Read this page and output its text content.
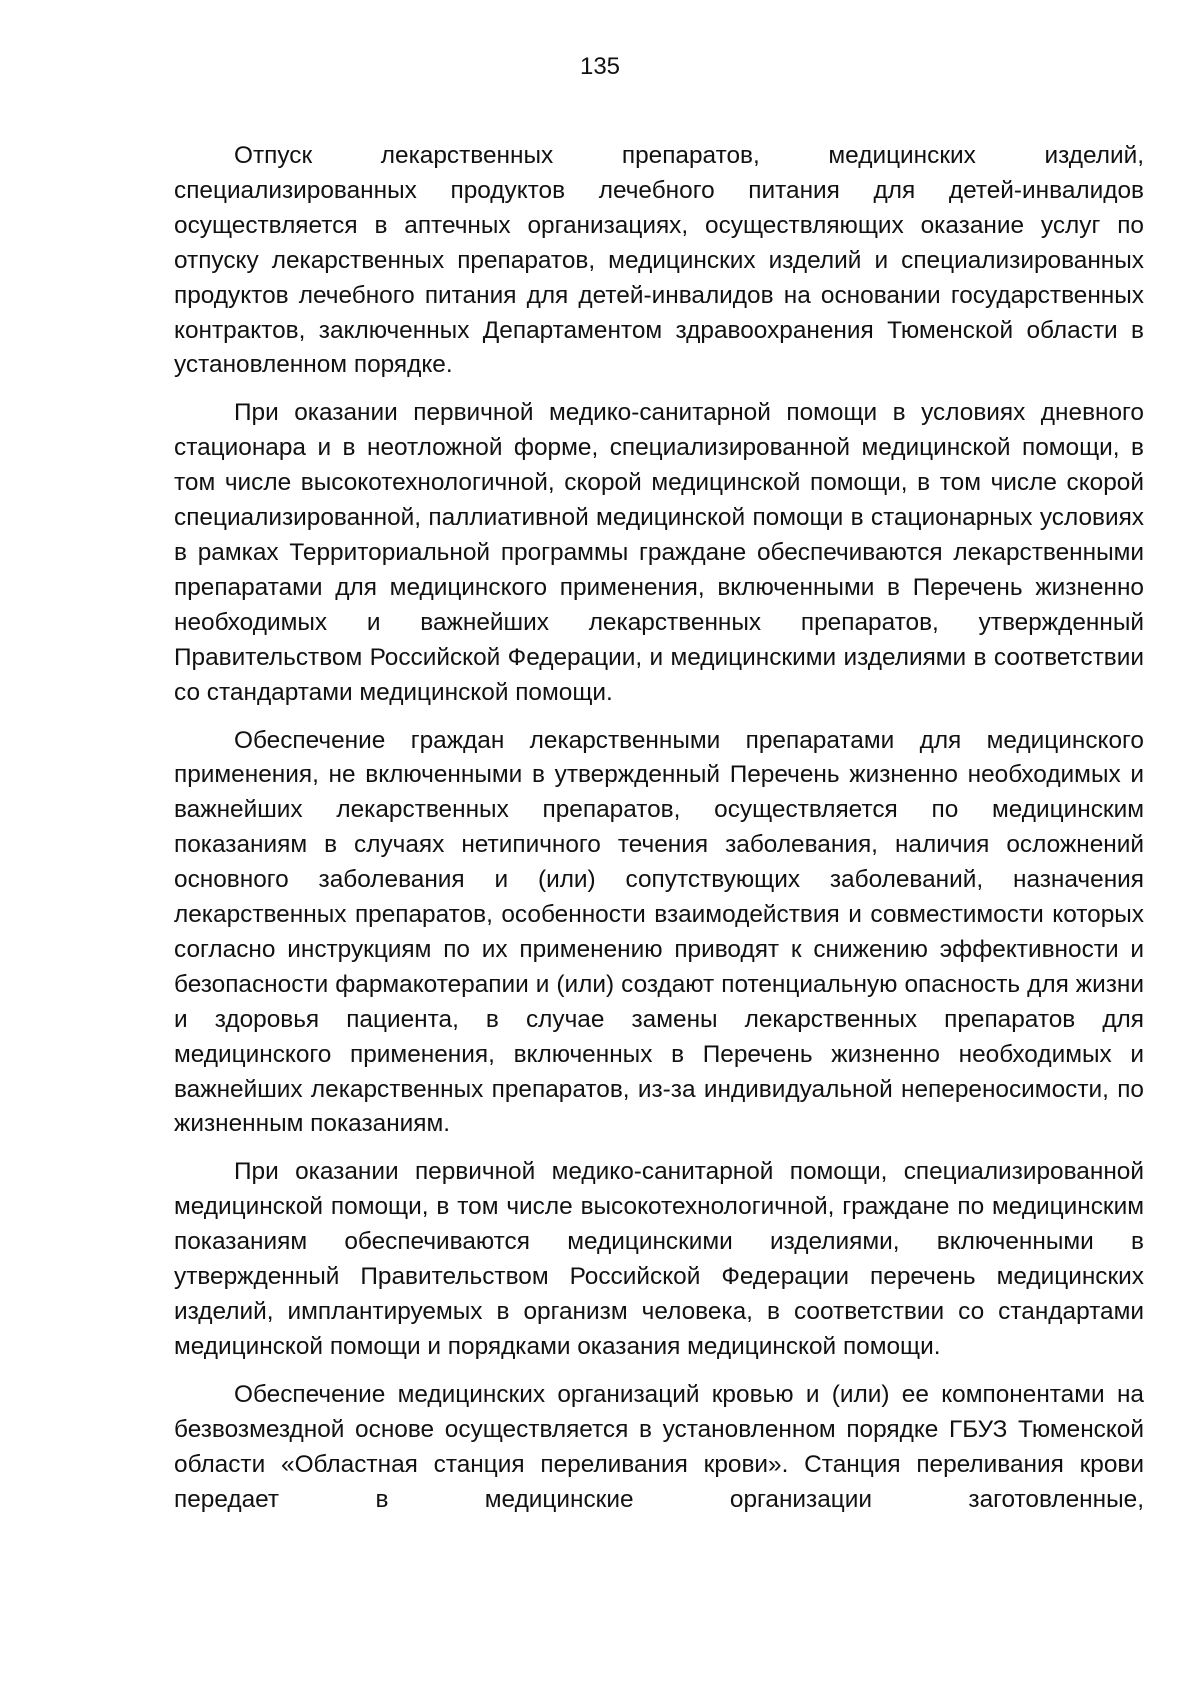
135

Отпуск лекарственных препаратов, медицинских изделий, специализированных продуктов лечебного питания для детей-инвалидов осуществляется в аптечных организациях, осуществляющих оказание услуг по отпуску лекарственных препаратов, медицинских изделий и специализированных продуктов лечебного питания для детей-инвалидов на основании государственных контрактов, заключенных Департаментом здравоохранения Тюменской области в установленном порядке.

При оказании первичной медико-санитарной помощи в условиях дневного стационара и в неотложной форме, специализированной медицинской помощи, в том числе высокотехнологичной, скорой медицинской помощи, в том числе скорой специализированной, паллиативной медицинской помощи в стационарных условиях в рамках Территориальной программы граждане обеспечиваются лекарственными препаратами для медицинского применения, включенными в Перечень жизненно необходимых и важнейших лекарственных препаратов, утвержденный Правительством Российской Федерации, и медицинскими изделиями в соответствии со стандартами медицинской помощи.

Обеспечение граждан лекарственными препаратами для медицинского применения, не включенными в утвержденный Перечень жизненно необходимых и важнейших лекарственных препаратов, осуществляется по медицинским показаниям в случаях нетипичного течения заболевания, наличия осложнений основного заболевания и (или) сопутствующих заболеваний, назначения лекарственных препаратов, особенности взаимодействия и совместимости которых согласно инструкциям по их применению приводят к снижению эффективности и безопасности фармакотерапии и (или) создают потенциальную опасность для жизни и здоровья пациента, в случае замены лекарственных препаратов для медицинского применения, включенных в Перечень жизненно необходимых и важнейших лекарственных препаратов, из-за индивидуальной непереносимости, по жизненным показаниям.

При оказании первичной медико-санитарной помощи, специализированной медицинской помощи, в том числе высокотехнологичной, граждане по медицинским показаниям обеспечиваются медицинскими изделиями, включенными в утвержденный Правительством Российской Федерации перечень медицинских изделий, имплантируемых в организм человека, в соответствии со стандартами медицинской помощи и порядками оказания медицинской помощи.

Обеспечение медицинских организаций кровью и (или) ее компонентами на безвозмездной основе осуществляется в установленном порядке ГБУЗ Тюменской области «Областная станция переливания крови». Станция переливания крови передает в медицинские организации заготовленные,
